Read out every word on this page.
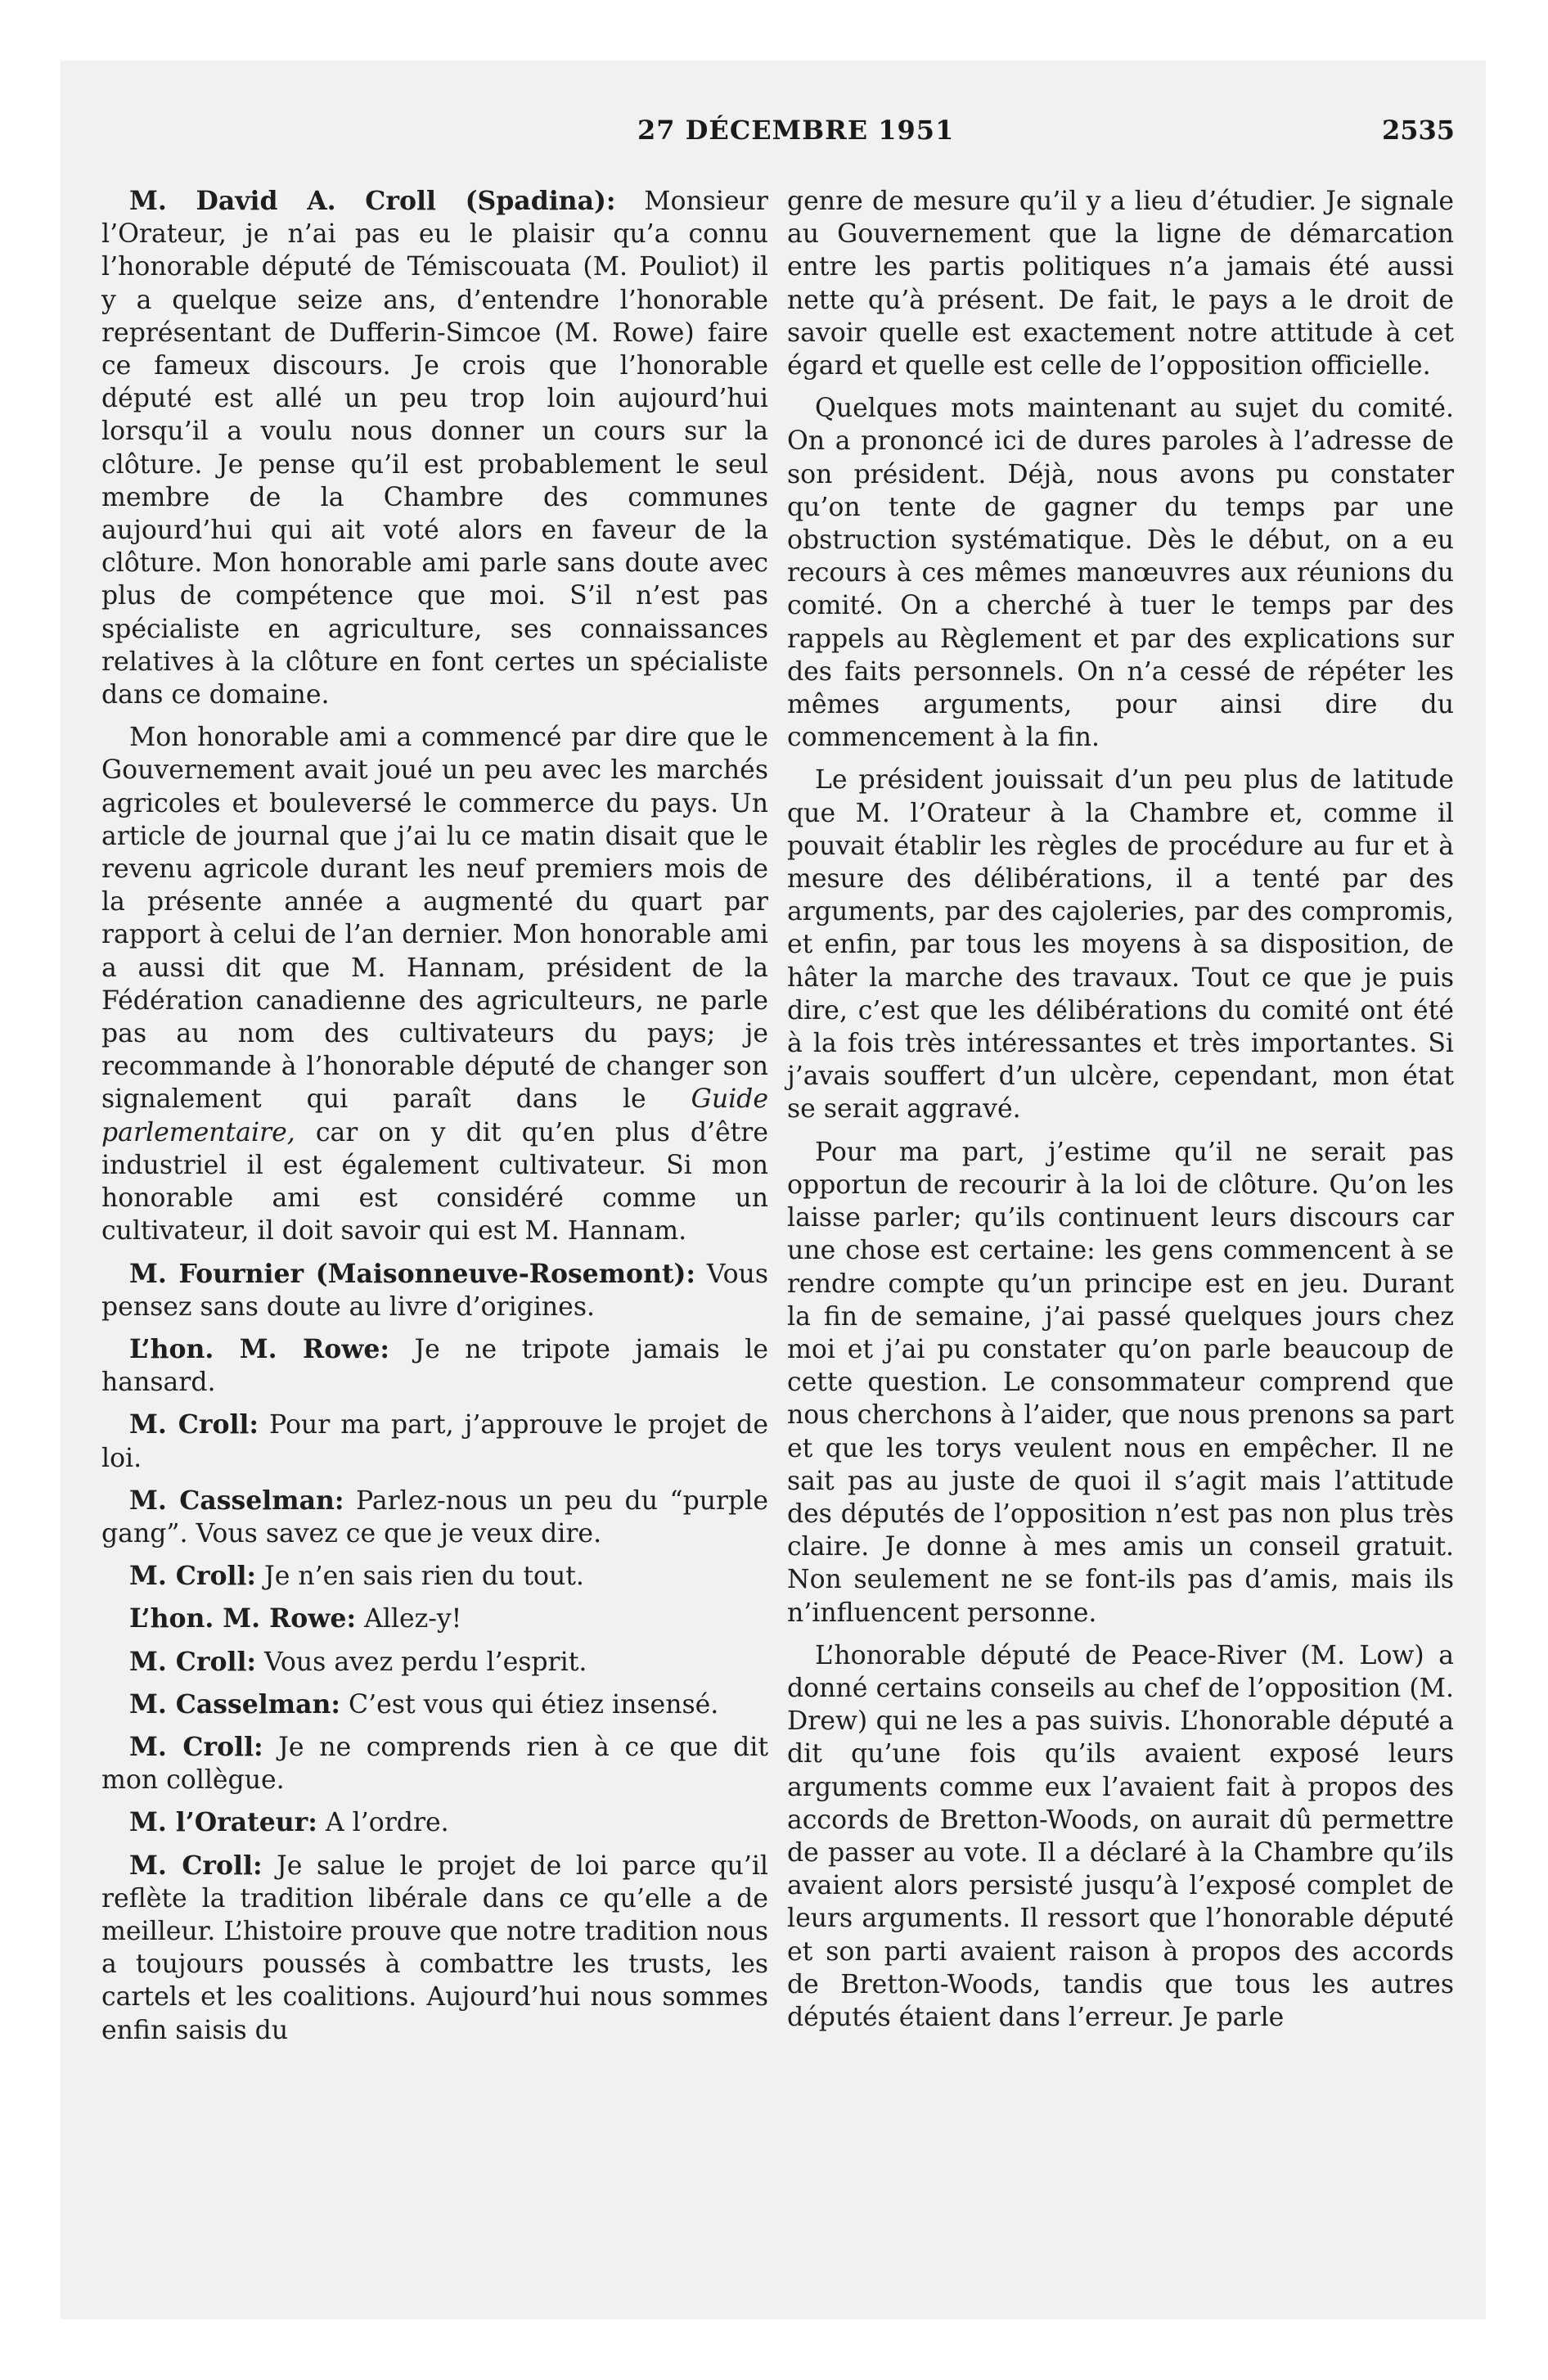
27 DÉCEMBRE 1951	2535

M. David A. Croll (Spadina): Monsieur l’Orateur, je n’ai pas eu le plaisir qu’a connu l’honorable député de Témiscouata (M. Pouliot) il y a quelque seize ans, d’entendre l’honorable représentant de Dufferin-Simcoe (M. Rowe) faire ce fameux discours. Je crois que l’honorable député est allé un peu trop loin aujourd’hui lorsqu’il a voulu nous donner un cours sur la clôture. Je pense qu’il est probablement le seul membre de la Chambre des communes aujourd’hui qui ait voté alors en faveur de la clôture. Mon honorable ami parle sans doute avec plus de compétence que moi. S’il n’est pas spécialiste en agriculture, ses connaissances relatives à la clôture en font certes un spécialiste dans ce domaine.

Mon honorable ami a commencé par dire que le Gouvernement avait joué un peu avec les marchés agricoles et bouleversé le commerce du pays. Un article de journal que j’ai lu ce matin disait que le revenu agricole durant les neuf premiers mois de la présente année a augmenté du quart par rapport à celui de l’an dernier. Mon honorable ami a aussi dit que M. Hannam, président de la Fédération canadienne des agriculteurs, ne parle pas au nom des cultivateurs du pays; je recommande à l’honorable député de changer son signalement qui paraît dans le Guide parlementaire, car on y dit qu’en plus d’être industriel il est également cultivateur. Si mon honorable ami est considéré comme un cultivateur, il doit savoir qui est M. Hannam.

M. Fournier (Maisonneuve-Rosemont): Vous pensez sans doute au livre d’origines.

L’hon. M. Rowe: Je ne tripote jamais le hansard.

M. Croll: Pour ma part, j’approuve le projet de loi.

M. Casselman: Parlez-nous un peu du “purple gang”. Vous savez ce que je veux dire.

M. Croll: Je n’en sais rien du tout.

L’hon. M. Rowe: Allez-y!

M. Croll: Vous avez perdu l’esprit.

M. Casselman: C’est vous qui étiez insensé.

M. Croll: Je ne comprends rien à ce que dit mon collègue.

M. l’Orateur: A l’ordre.

M. Croll: Je salue le projet de loi parce qu’il reflète la tradition libérale dans ce qu’elle a de meilleur. L’histoire prouve que notre tradition nous a toujours poussés à combattre les trusts, les cartels et les coalitions. Aujourd’hui nous sommes enfin saisis du

genre de mesure qu’il y a lieu d’étudier. Je signale au Gouvernement que la ligne de démarcation entre les partis politiques n’a jamais été aussi nette qu’à présent. De fait, le pays a le droit de savoir quelle est exactement notre attitude à cet égard et quelle est celle de l’opposition officielle.

Quelques mots maintenant au sujet du comité. On a prononcé ici de dures paroles à l’adresse de son président. Déjà, nous avons pu constater qu’on tente de gagner du temps par une obstruction systématique. Dès le début, on a eu recours à ces mêmes manœuvres aux réunions du comité. On a cherché à tuer le temps par des rappels au Règlement et par des explications sur des faits personnels. On n’a cessé de répéter les mêmes arguments, pour ainsi dire du commencement à la fin.

Le président jouissait d’un peu plus de latitude que M. l’Orateur à la Chambre et, comme il pouvait établir les règles de procédure au fur et à mesure des délibérations, il a tenté par des arguments, par des cajoleries, par des compromis, et enfin, par tous les moyens à sa disposition, de hâter la marche des travaux. Tout ce que je puis dire, c’est que les délibérations du comité ont été à la fois très intéressantes et très importantes. Si j’avais souffert d’un ulcère, cependant, mon état se serait aggravé.

Pour ma part, j’estime qu’il ne serait pas opportun de recourir à la loi de clôture. Qu’on les laisse parler; qu’ils continuent leurs discours car une chose est certaine: les gens commencent à se rendre compte qu’un principe est en jeu. Durant la fin de semaine, j’ai passé quelques jours chez moi et j’ai pu constater qu’on parle beaucoup de cette question. Le consommateur comprend que nous cherchons à l’aider, que nous prenons sa part et que les torys veulent nous en empêcher. Il ne sait pas au juste de quoi il s’agit mais l’attitude des députés de l’opposition n’est pas non plus très claire. Je donne à mes amis un conseil gratuit. Non seulement ne se font-ils pas d’amis, mais ils n’influencent personne.

L’honorable député de Peace-River (M. Low) a donné certains conseils au chef de l’opposition (M. Drew) qui ne les a pas suivis. L’honorable député a dit qu’une fois qu’ils avaient exposé leurs arguments comme eux l’avaient fait à propos des accords de Bretton-Woods, on aurait dû permettre de passer au vote. Il a déclaré à la Chambre qu’ils avaient alors persisté jusqu’à l’exposé complet de leurs arguments. Il ressort que l’honorable député et son parti avaient raison à propos des accords de Bretton-Woods, tandis que tous les autres députés étaient dans l’erreur. Je parle
